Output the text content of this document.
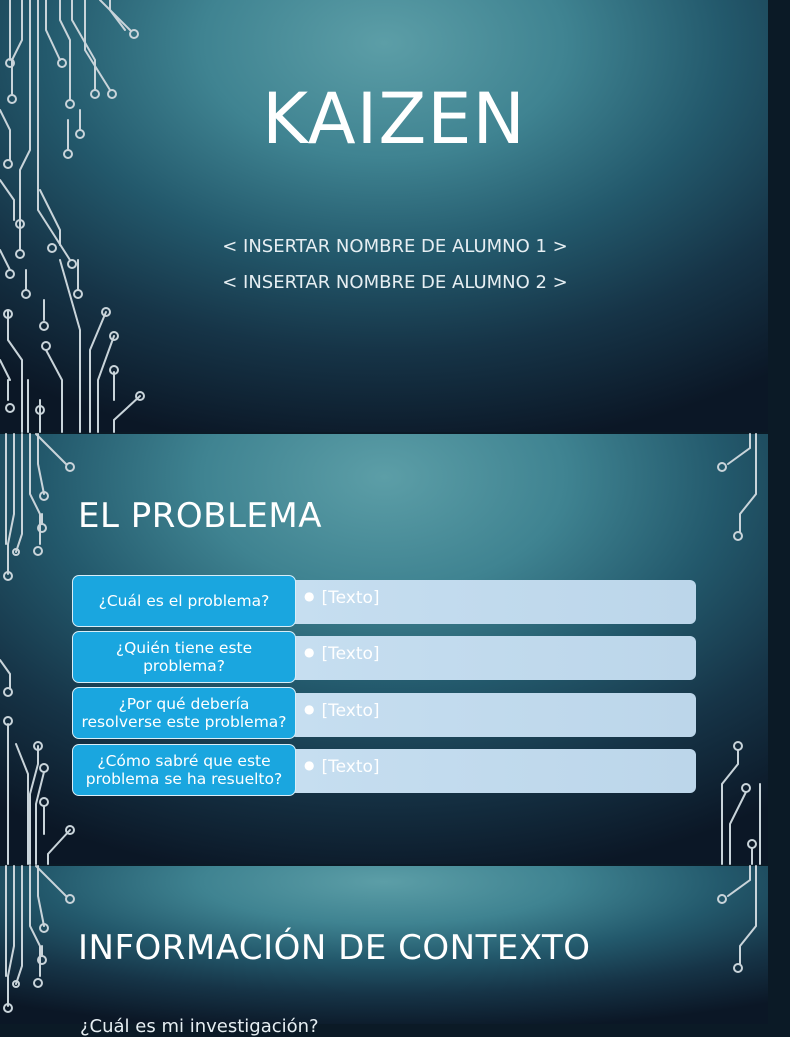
KAIZEN
< INSERTAR NOMBRE DE ALUMNO 1 >
< INSERTAR NOMBRE DE ALUMNO 2 >
EL PROBLEMA
● [Texto]
¿Cuál es el problema?
● [Texto]
¿Quién tiene este problema?
● [Texto]
¿Por qué debería resolverse este problema?
● [Texto]
¿Cómo sabré que este problema se ha resuelto?
INFORMACIÓN DE CONTEXTO
¿Cuál es mi investigación?
